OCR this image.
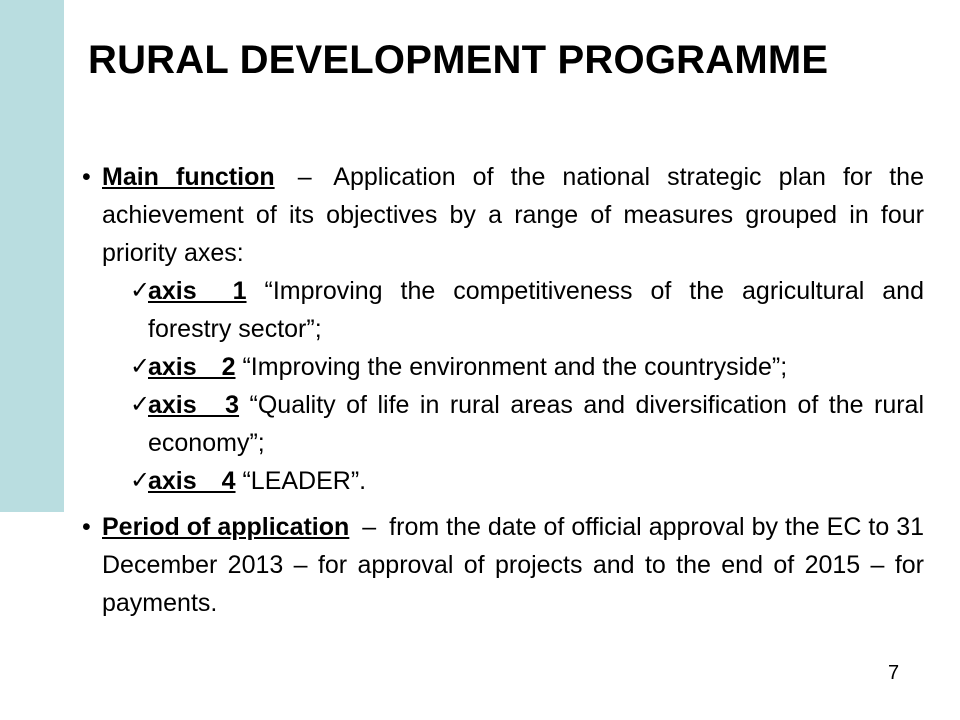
RURAL DEVELOPMENT PROGRAMME
• Main function – Application of the national strategic plan for the achievement of its objectives by a range of measures grouped in four priority axes:
✓
axis 1 “Improving the competitiveness of the agricultural and forestry sector”;
✓
axis 2 “Improving the environment and the countryside”;
✓
axis 3 “Quality of life in rural areas and diversification of the rural economy”;
✓
axis 4 “LEADER”.
• Period of application – from the date of official approval by the EC to 31 December 2013 – for approval of projects and to the end of 2015 – for payments.
7
